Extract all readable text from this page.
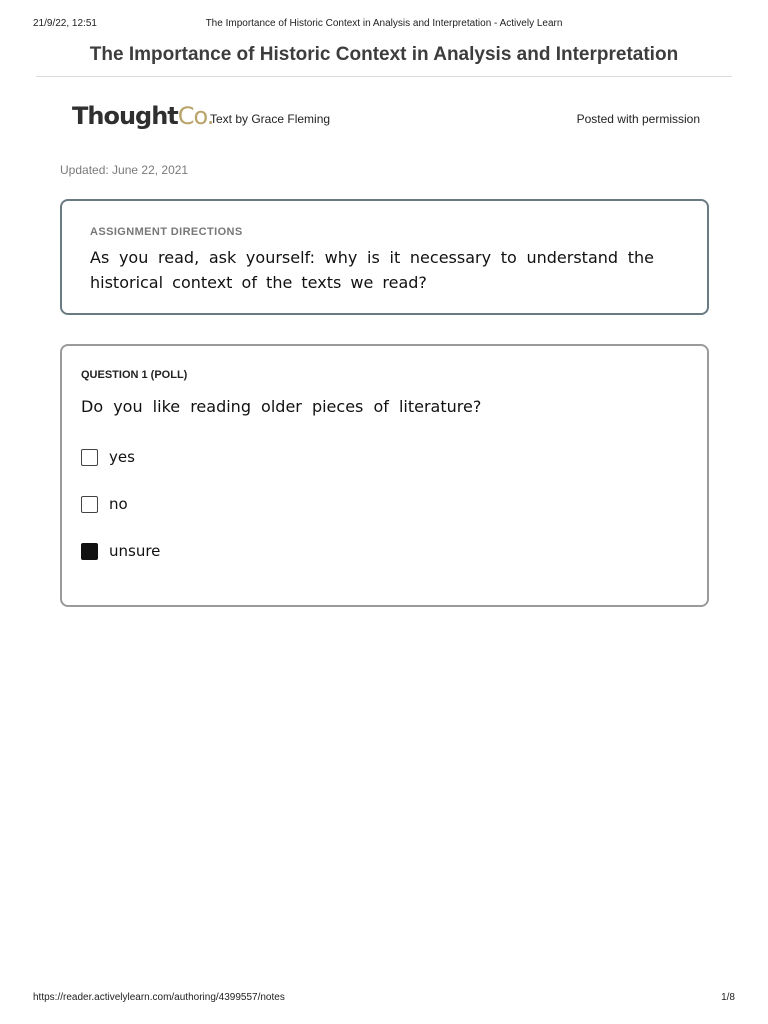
21/9/22, 12:51	The Importance of Historic Context in Analysis and Interpretation - Actively Learn
The Importance of Historic Context in Analysis and Interpretation
ThoughtCo.
Text by Grace Fleming	Posted with permission
Updated: June 22, 2021
ASSIGNMENT DIRECTIONS
As you read, ask yourself: why is it necessary to understand the historical context of the texts we read?
QUESTION 1 (POLL)
Do you like reading older pieces of literature?
yes
no
unsure
https://reader.activelylearn.com/authoring/4399557/notes	1/8
